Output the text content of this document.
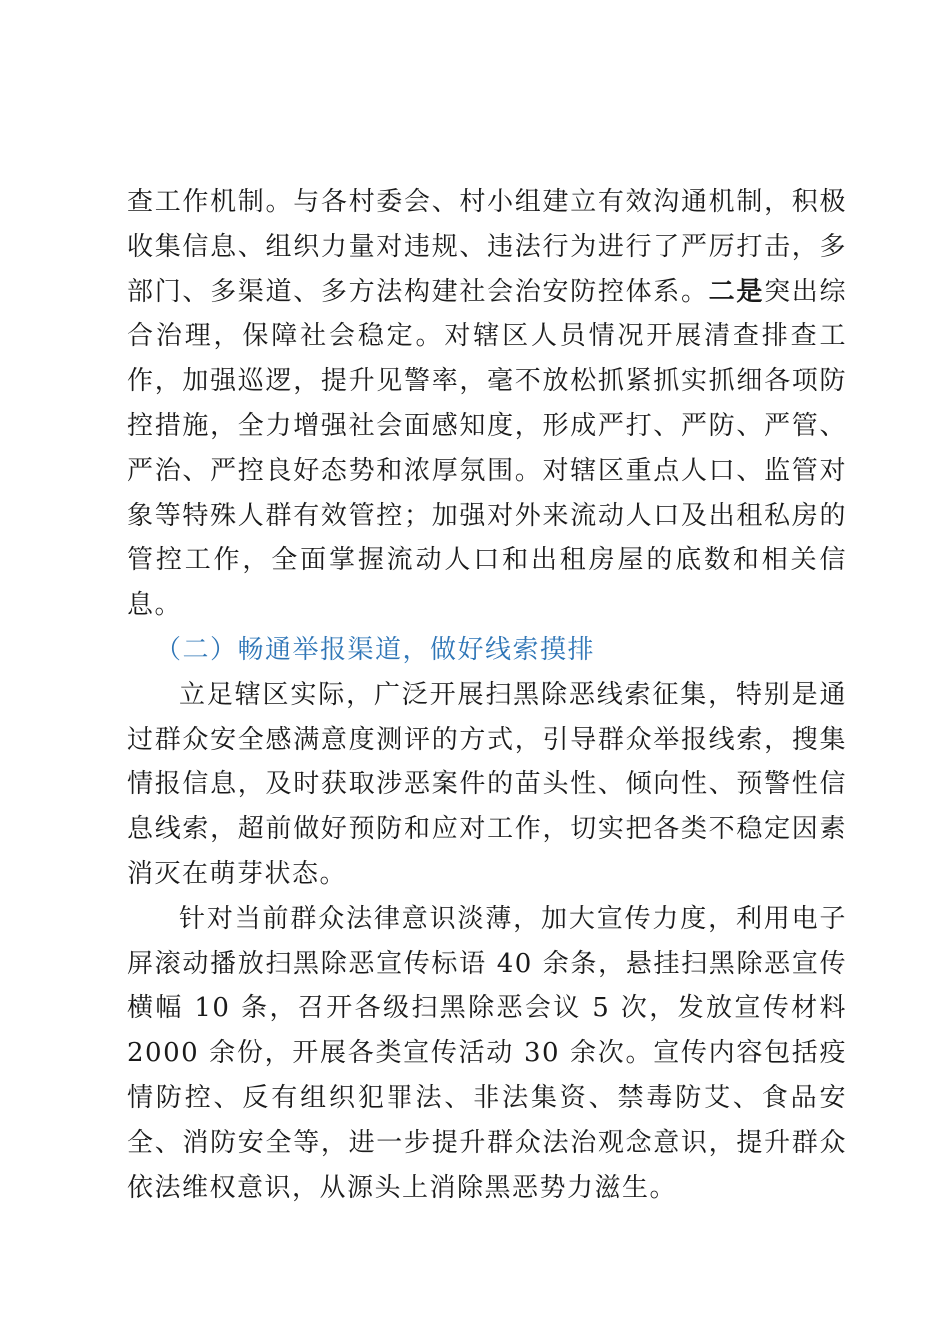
查工作机制。与各村委会、村小组建立有效沟通机制，积极收集信息、组织力量对违规、违法行为进行了严厉打击，多部门、多渠道、多方法构建社会治安防控体系。二是突出综合治理，保障社会稳定。对辖区人员情况开展清查排查工作，加强巡逻，提升见警率，毫不放松抓紧抓实抓细各项防控措施，全力增强社会面感知度，形成严打、严防、严管、严治、严控良好态势和浓厚氛围。对辖区重点人口、监管对象等特殊人群有效管控；加强对外来流动人口及出租私房的管控工作，全面掌握流动人口和出租房屋的底数和相关信息。

（二）畅通举报渠道，做好线索摸排

立足辖区实际，广泛开展扫黑除恶线索征集，特别是通过群众安全感满意度测评的方式，引导群众举报线索，搜集情报信息，及时获取涉恶案件的苗头性、倾向性、预警性信息线索，超前做好预防和应对工作，切实把各类不稳定因素消灭在萌芽状态。

针对当前群众法律意识淡薄，加大宣传力度，利用电子屏滚动播放扫黑除恶宣传标语 40 余条，悬挂扫黑除恶宣传横幅 10 条，召开各级扫黑除恶会议 5 次，发放宣传材料 2000 余份，开展各类宣传活动 30 余次。宣传内容包括疫情防控、反有组织犯罪法、非法集资、禁毒防艾、食品安全、消防安全等，进一步提升群众法治观念意识，提升群众依法维权意识，从源头上消除黑恶势力滋生。
